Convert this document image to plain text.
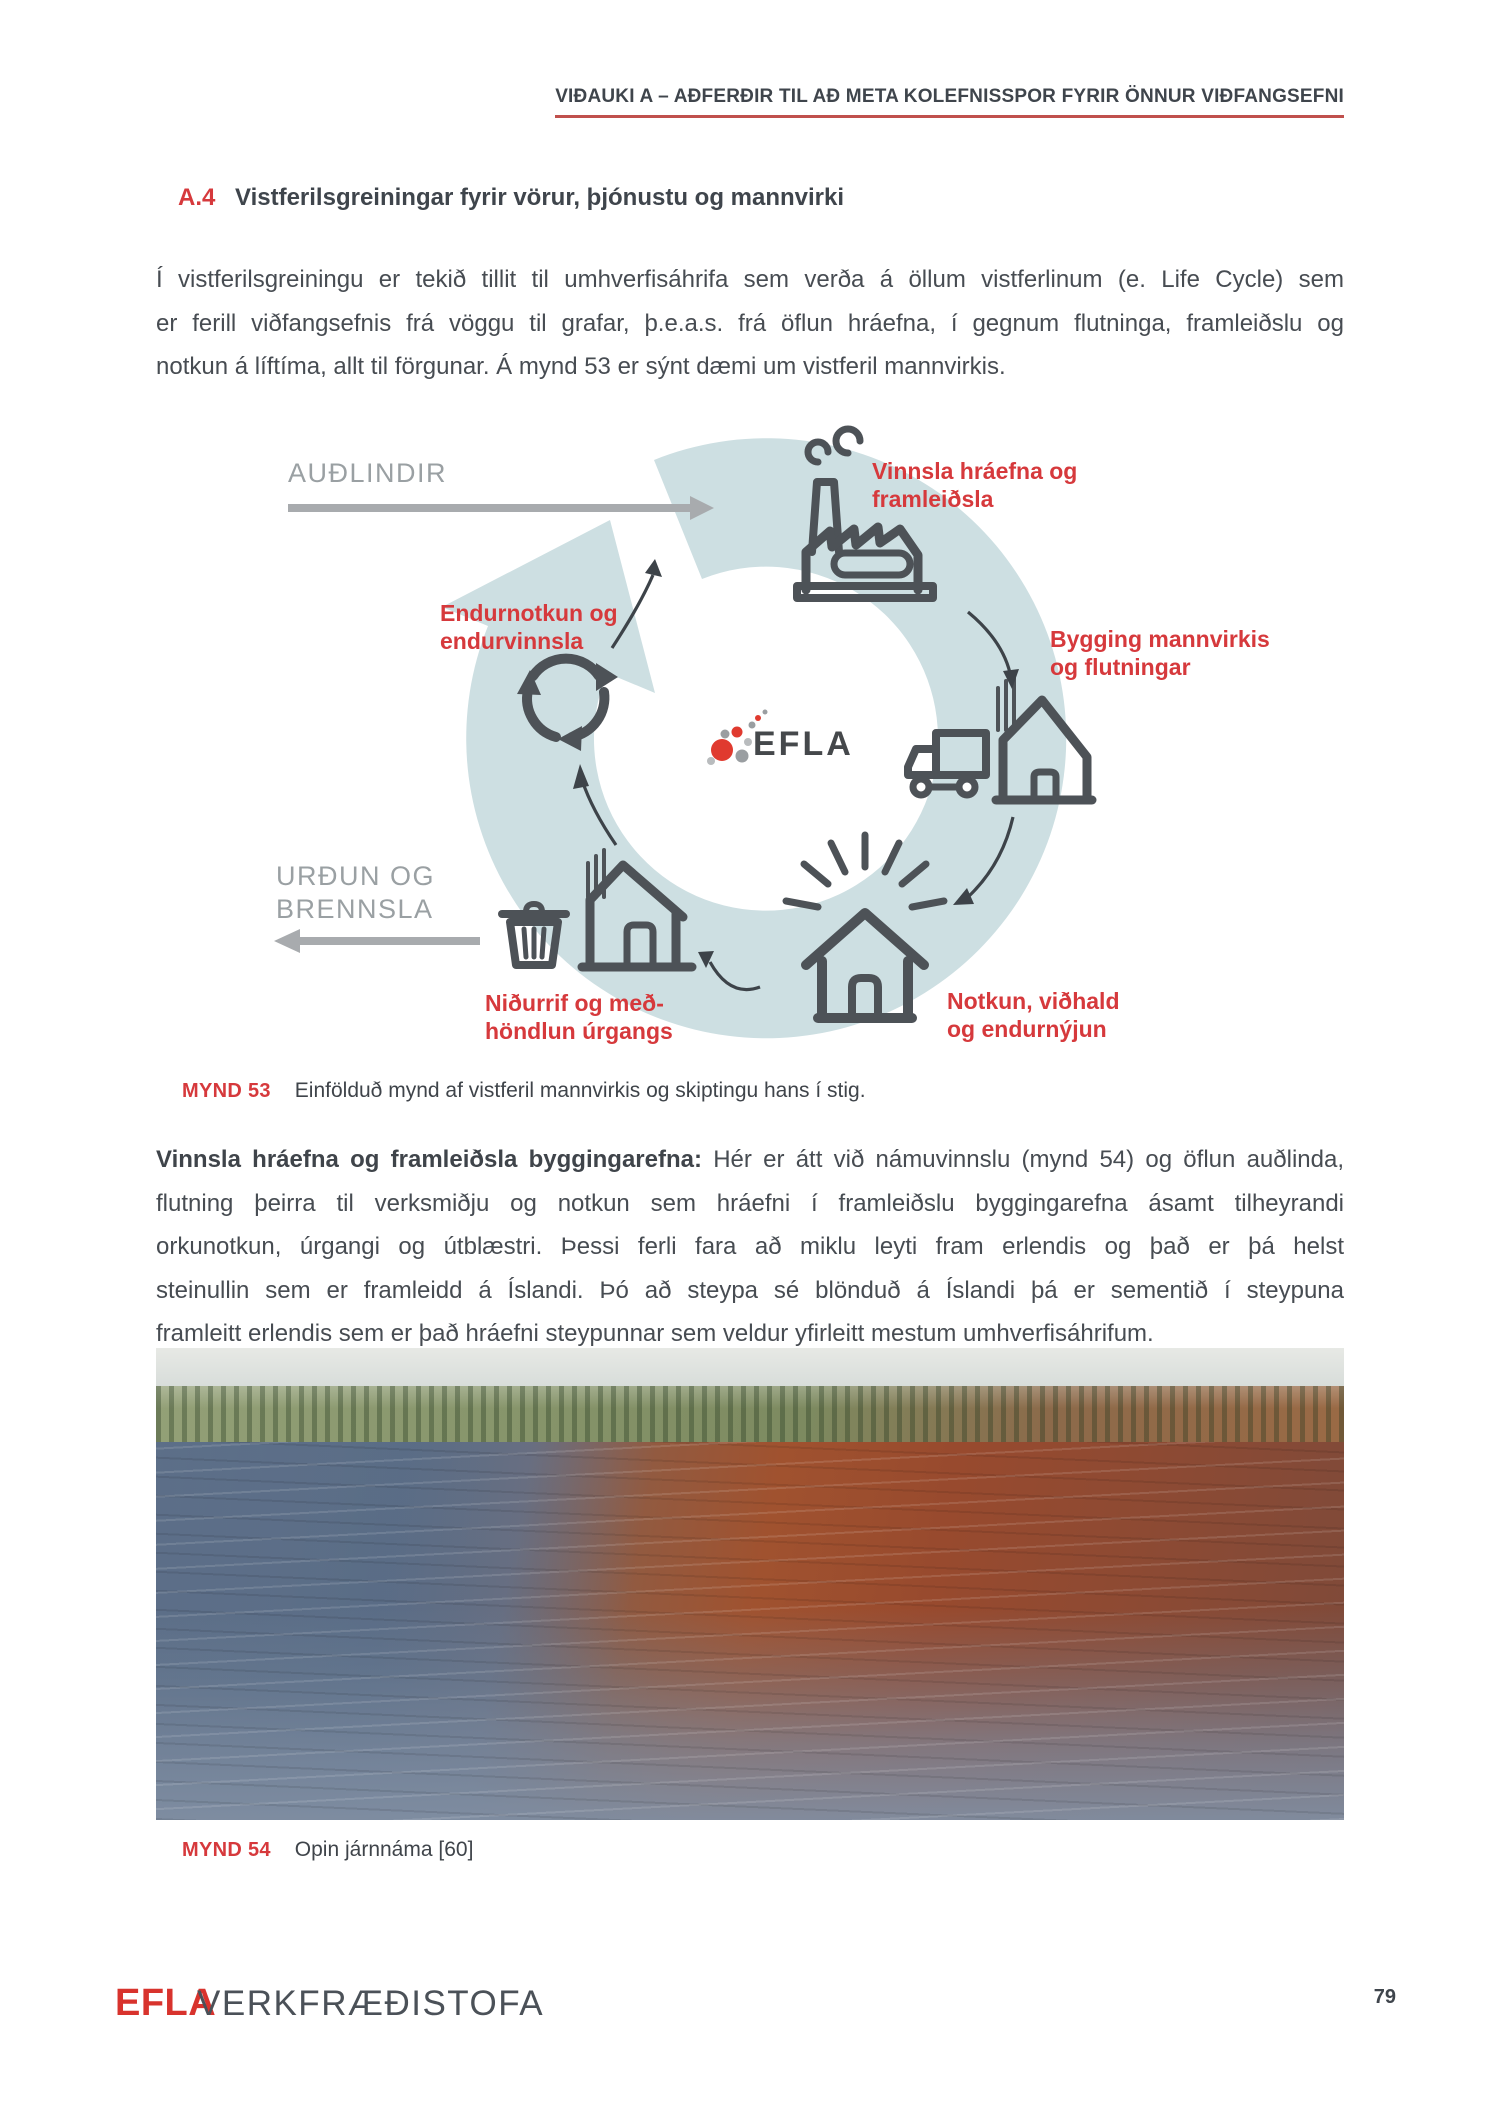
VIÐAUKI A – AÐFERÐIR TIL AÐ META KOLEFNISSPOR FYRIR ÖNNUR VIÐFANGSEFNI
A.4 Vistferilsgreiningar fyrir vörur, þjónustu og mannvirki
Í vistferilsgreiningu er tekið tillit til umhverfisáhrifa sem verða á öllum vistferlinum (e. Life Cycle) sem
er ferill viðfangsefnis frá vöggu til grafar, þ.e.a.s. frá öflun hráefna, í gegnum flutninga, framleiðslu og
notkun á líftíma, allt til förgunar. Á mynd 53 er sýnt dæmi um vistferil mannvirkis.
AUÐLINDIR
URÐUN OG
BRENNSLA
Vinnsla hráefna og
framleiðsla
Bygging mannvirkis
og flutningar
Notkun, viðhald
og endurnýjun
Niðurrif og með-
höndlun úrgangs
Endurnotkun og
endurvinnsla
EFLA
MYND 53 Einfölduð mynd af vistferil mannvirkis og skiptingu hans í stig.
Vinnsla hráefna og framleiðsla byggingarefna: Hér er átt við námuvinnslu (mynd 54) og öflun auðlinda,
flutning þeirra til verksmiðju og notkun sem hráefni í framleiðslu byggingarefna ásamt tilheyrandi
orkunotkun, úrgangi og útblæstri. Þessi ferli fara að miklu leyti fram erlendis og það er þá helst
steinullin sem er framleidd á Íslandi. Þó að steypa sé blönduð á Íslandi þá er sementið í steypuna
framleitt erlendis sem er það hráefni steypunnar sem veldur yfirleitt mestum umhverfisáhrifum.
MYND 54 Opin járnnáma [60]
EFLA
VERKFRÆÐISTOFA	79
